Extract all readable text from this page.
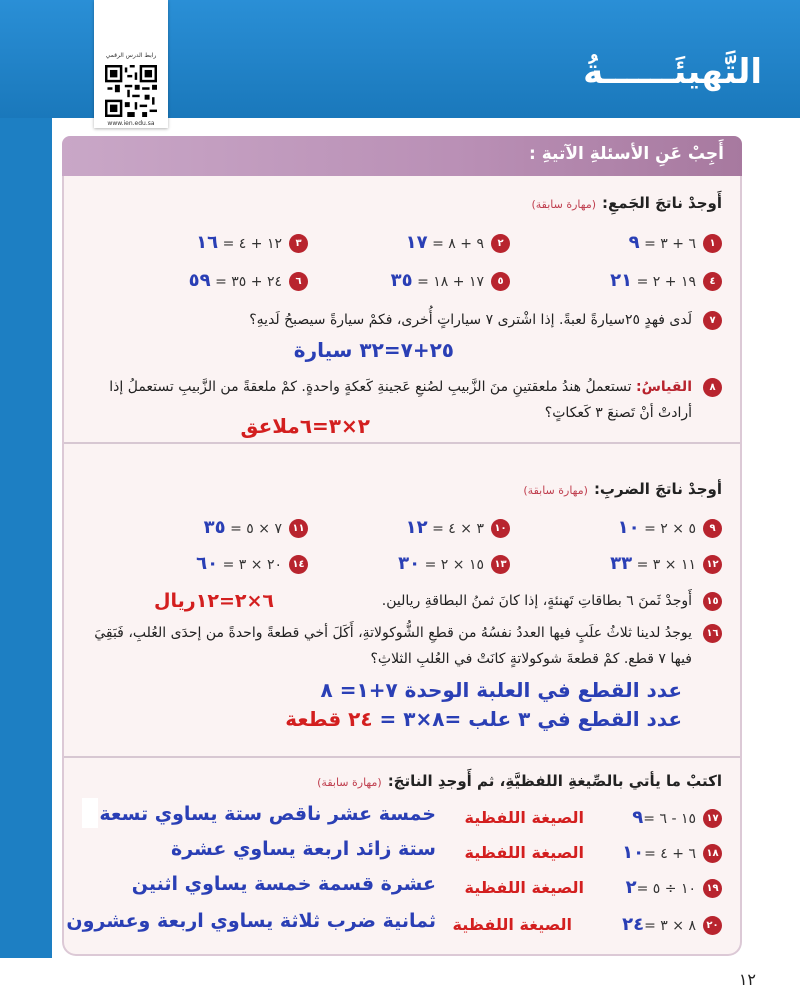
التَّهيئَــــــةُ
رابط الدرس الرقمي
www.ien.edu.sa
أَجِبْ عَنِ الأسئلةِ الآتيةِ :
أَوجدْ ناتجَ الجَمعِ:(مهارة سابقة)
١
٦ + ٣ = ٩
٢
٩ + ٨ = ١٧
٣
١٢ + ٤ = ١٦
٤
١٩ + ٢ = ٢١
٥
١٧ + ١٨ = ٣٥
٦
٢٤ + ٣٥ = ٥٩
٧
لَدى فهدٍ ٢٥سيارةً لعبةً. إذا اشْترى ٧ سياراتٍ أُخرى، فكمْ سيارةً سيصبحُ لَديهِ؟
٢٥+٧=٣٢ سيارة
٨
القياسُ: تستعملُ هندُ ملعقتينِ منَ الزَّبيبِ لصُنعِ عَجينةِ كَعكةٍ واحدةٍ. كمْ ملعقةً من الزَّبيبِ تستعملُ إذا أرادتْ أنْ تَصنعَ ٣ كَعكاتٍ؟
٢×٣=٦ملاعق
أوجدْ ناتجَ الضربِ:(مهارة سابقة)
٩
٥ × ٢ = ١٠
١٠
٣ × ٤ = ١٢
١١
٧ × ٥ = ٣٥
١٢
١١ × ٣ = ٣٣
١٣
١٥ × ٢ = ٣٠
١٤
٢٠ × ٣ = ٦٠
١٥
أَوجدْ ثَمنَ ٦ بطاقاتِ تَهنئةٍ، إذا كانَ ثمنُ البطاقةِ ريالين.
٦×٢=١٢ريال
١٦
يوجدُ لدينا ثلاثُ علَبٍ فيها العددُ نفسُهُ من قطعِ الشُّوكولاتةِ، أَكَلَ أخي قطعةً واحدةً من إحدَى العُلبِ، فَبَقِيَ فيها ٧ قطع. كمْ قطعةَ شوكولاتةٍ كانَتْ في العُلبِ الثلاثِ؟
عدد القطع في العلبة الوحدة ٧+١= ٨
عدد القطع في ٣ علب =٨×٣ = ٢٤ قطعة
اكتبْ ما يأتي بالصِّيغةِ اللفظيَّةِ، ثم أَوجدِ الناتجَ:(مهارة سابقة)
١٧
١٥ - ٦ =٩
الصيغة اللفظية
خمسة عشر ناقص ستة يساوي تسعة
١٨
٦ + ٤ =١٠
الصيغة اللفظية
ستة زائد اربعة يساوي عشرة
١٩
١٠ ÷ ٥ =٢
الصيغة اللفظية
عشرة قسمة خمسة يساوي اثنين
٢٠
٨ × ٣ =٢٤
الصيغة اللفظية
ثمانية ضرب ثلاثة يساوي اربعة وعشرون
١٢
